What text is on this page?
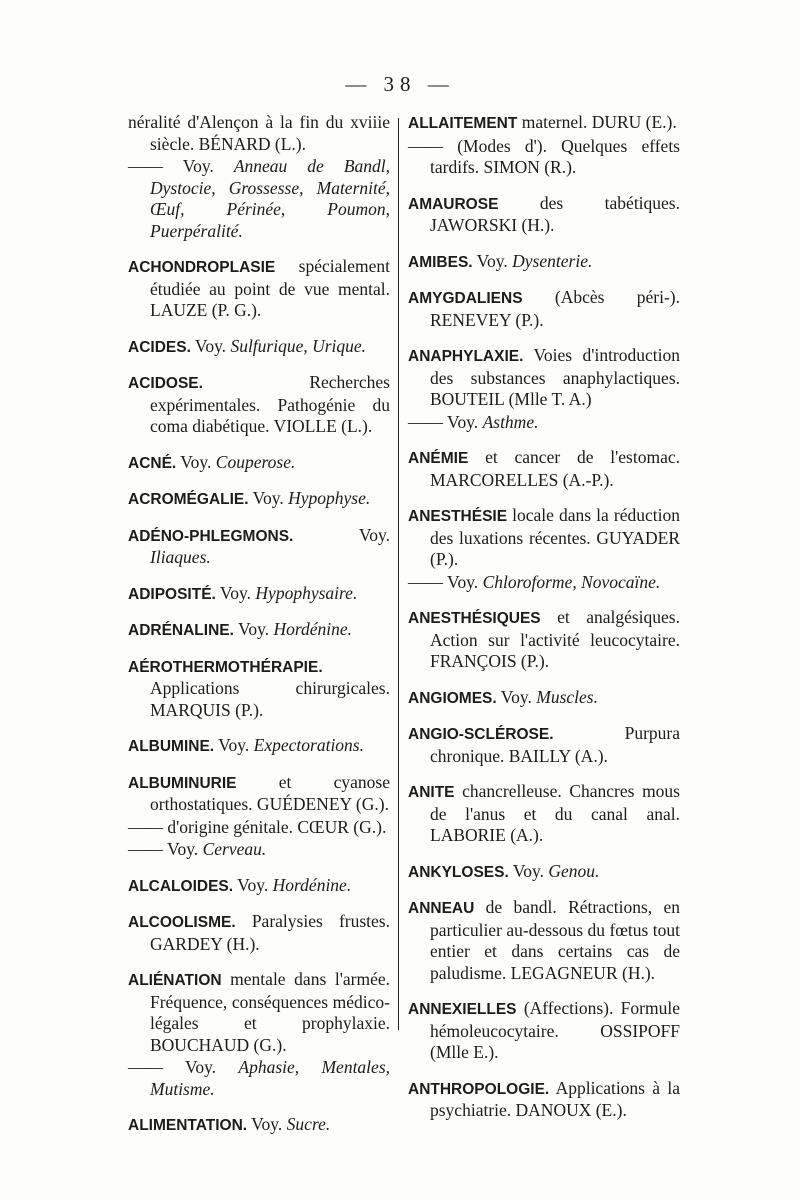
— 38 —
néralité d'Alençon à la fin du xviiie siècle. BÉNARD (L.).
—— Voy. Anneau de Bandl, Dystocie, Grossesse, Maternité, Œuf, Périnée, Poumon, Puerpéralité.
ACHONDROPLASIE spécialement étudiée au point de vue mental. LAUZE (P. G.).
ACIDES. Voy. Sulfurique, Urique.
ACIDOSE. Recherches expérimentales. Pathogénie du coma diabétique. VIOLLE (L.).
ACNÉ. Voy. Couperose.
ACROMÉGALIE. Voy. Hypophyse.
ADÉNO-PHLEGMONS. Voy. Iliaques.
ADIPOSITÉ. Voy. Hypophysaire.
ADRÉNALINE. Voy. Hordénine.
AÉROTHERMOTHÉRAPIE. Applications chirurgicales. MARQUIS (P.).
ALBUMINE. Voy. Expectorations.
ALBUMINURIE et cyanose orthostatiques. GUÉDENEY (G.).
—— d'origine génitale. CŒUR (G.).
—— Voy. Cerveau.
ALCALOIDES. Voy. Hordénine.
ALCOOLISME. Paralysies frustes. GARDEY (H.).
ALIÉNATION mentale dans l'armée. Fréquence, conséquences médico-légales et prophylaxie. BOUCHAUD (G.).
—— Voy. Aphasie, Mentales, Mutisme.
ALIMENTATION. Voy. Sucre.
ALLAITEMENT maternel. DURU (E.).
—— (Modes d'). Quelques effets tardifs. SIMON (R.).
AMAUROSE des tabétiques. JAWORSKI (H.).
AMIBES. Voy. Dysenterie.
AMYGDALIENS (Abcès péri-). RENEVEY (P.).
ANAPHYLAXIE. Voies d'introduction des substances anaphylactiques. BOUTEIL (Mlle T. A.)
—— Voy. Asthme.
ANÉMIE et cancer de l'estomac. MARCORELLES (A.-P.).
ANESTHÉSIE locale dans la réduction des luxations récentes. GUYADER (P.).
—— Voy. Chloroforme, Novocaïne.
ANESTHÉSIQUES et analgésiques. Action sur l'activité leucocytaire. FRANÇOIS (P.).
ANGIOMES. Voy. Muscles.
ANGIO-SCLÉROSE. Purpura chronique. BAILLY (A.).
ANITE chancrelleuse. Chancres mous de l'anus et du canal anal. LABORIE (A.).
ANKYLOSES. Voy. Genou.
ANNEAU de bandl. Rétractions, en particulier au-dessous du fœtus tout entier et dans certains cas de paludisme. LEGAGNEUR (H.).
ANNEXIELLES (Affections). Formule hémoleucocytaire. OSSIPOFF (Mlle E.).
ANTHROPOLOGIE. Applications à la psychiatrie. DANOUX (E.).
